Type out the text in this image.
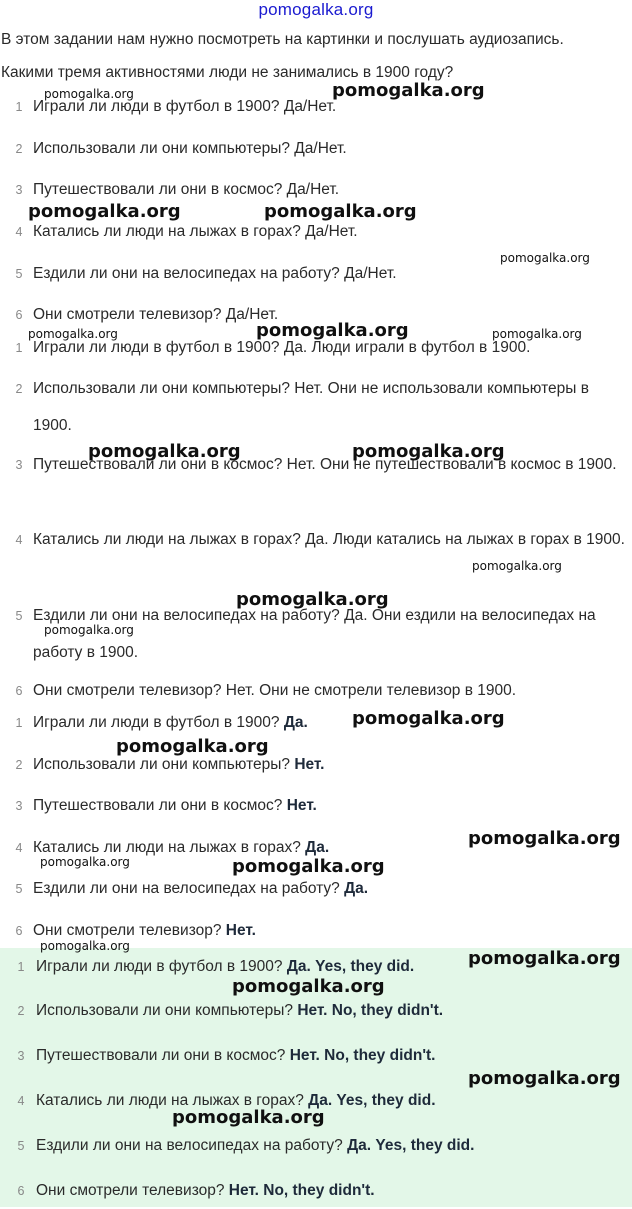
pomogalka.org
В этом задании нам нужно посмотреть на картинки и послушать аудиозапись.
Какими тремя активностями люди не занимались в 1900 году?
1 Играли ли люди в футбол в 1900? Да/Нет.
2 Использовали ли они компьютеры? Да/Нет.
3 Путешествовали ли они в космос? Да/Нет.
4 Катались ли люди на лыжах в горах? Да/Нет.
5 Ездили ли они на велосипедах на работу? Да/Нет.
6 Они смотрели телевизор? Да/Нет.
1 Играли ли люди в футбол в 1900? Да. Люди играли в футбол в 1900.
2 Использовали ли они компьютеры? Нет. Они не использовали компьютеры в 1900.
3 Путешествовали ли они в космос? Нет. Они не путешествовали в космос в 1900.
4 Катались ли люди на лыжах в горах? Да. Люди катались на лыжах в горах в 1900.
5 Ездили ли они на велосипедах на работу? Да. Они ездили на велосипедах на работу в 1900.
6 Они смотрели телевизор? Нет. Они не смотрели телевизор в 1900.
1 Играли ли люди в футбол в 1900? Да.
2 Использовали ли они компьютеры? Нет.
3 Путешествовали ли они в космос? Нет.
4 Катались ли люди на лыжах в горах? Да.
5 Ездили ли они на велосипедах на работу? Да.
6 Они смотрели телевизор? Нет.
1 Играли ли люди в футбол в 1900? Да. Yes, they did.
2 Использовали ли они компьютеры? Нет. No, they didn't.
3 Путешествовали ли они в космос? Нет. No, they didn't.
4 Катались ли люди на лыжах в горах? Да. Yes, they did.
5 Ездили ли они на велосипедах на работу? Да. Yes, they did.
6 Они смотрели телевизор? Нет. No, they didn't.
pomogalka.org	pomogalka.org
pomogalka.org	pomogalka.org
pomogalka.org
pomogalka.org	pomogalka.org	pomogalka.org
pomogalka.org	pomogalka.org
pomogalka.org
pomogalka.org
pomogalka.org
pomogalka.org
pomogalka.org
pomogalka.org
pomogalka.org	pomogalka.org
pomogalka.org
pomogalka.org
pomogalka.org
pomogalka.org
pomogalka.org
